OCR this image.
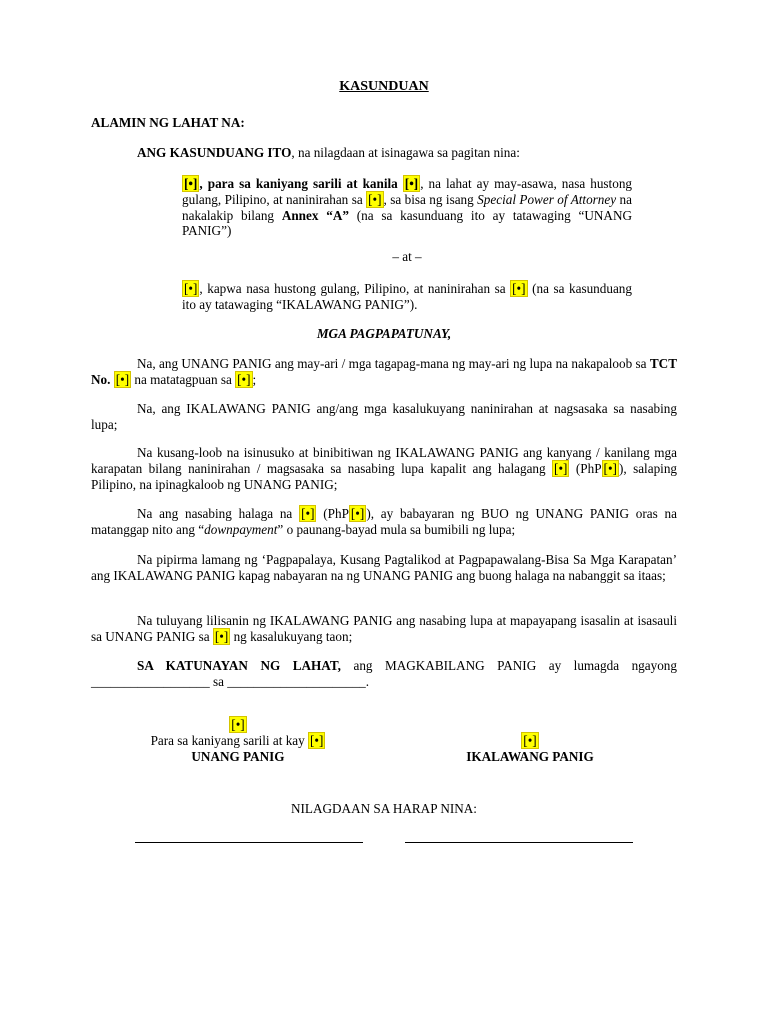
KASUNDUAN

ALAMIN NG LAHAT NA:

ANG KASUNDUANG ITO, na nilagdaan at isinagawa sa pagitan nina:

[•] , para sa kaniyang sarili at kanila [•] , na lahat ay may-asawa, nasa hustong gulang, Pilipino, at naninirahan sa [•] , sa bisa ng isang Special Power of Attorney na nakalakip bilang Annex “A” (na sa kasunduang ito ay tatawaging “UNANG PANIG”)

– at –

[•] , kapwa nasa hustong gulang, Pilipino, at naninirahan sa [•] (na sa kasunduang ito ay tatawaging “IKALAWANG PANIG”).

MGA PAGPAPATUNAY,

Na, ang UNANG PANIG ang may-ari / mga tagapag-mana ng may-ari ng lupa na nakapaloob sa TCT No. [•] na matatagpuan sa [•] ;

Na, ang IKALAWANG PANIG ang/ang mga kasalukuyang naninirahan at nagsasaka sa nasabing lupa;

Na kusang-loob na isinusuko at binibitiwan ng IKALAWANG PANIG ang kanyang / kanilang mga karapatan bilang naninirahan / magsasaka sa nasabing lupa kapalit ang halagang [•] (PhP [•] ), salaping Pilipino, na ipinagkaloob ng UNANG PANIG;

Na ang nasabing halaga na [•] (PhP [•] ), ay babayaran ng BUO ng UNANG PANIG oras na matanggap nito ang “downpayment” o paunang-bayad mula sa bumibili ng lupa;

Na pipirma lamang ng ‘Pagpapalaya, Kusang Pagtalikod at Pagpapawalang-Bisa Sa Mga Karapatan’ ang IKALAWANG PANIG kapag nabayaran na ng UNANG PANIG ang buong halaga na nabanggit sa itaas;

Na tuluyang lilisanin ng IKALAWANG PANIG ang nasabing lupa at mapayapang isasalin at isasauli sa UNANG PANIG sa [•] ng kasalukuyang taon;

SA KATUNAYAN NG LAHAT, ang MAGKABILANG PANIG ay lumagda ngayong __________________ sa _____________________.

[•]
Para sa kaniyang sarili at kay [•]
UNANG PANIG
[•]
IKALAWANG PANIG

NILAGDAAN SA HARAP NINA:
